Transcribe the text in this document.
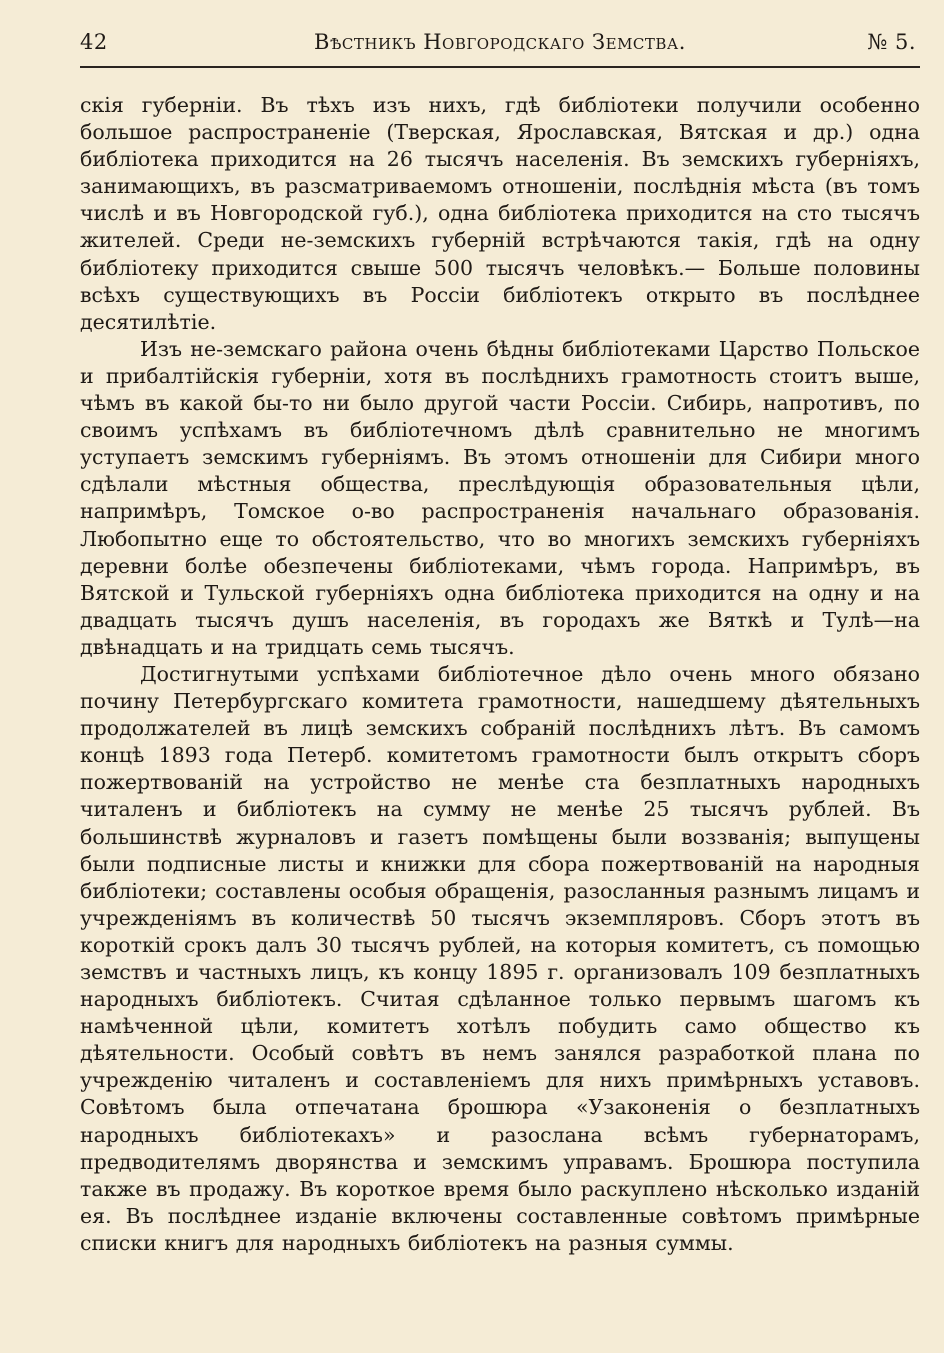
42	Вѣстникъ Новгородскаго Земства.	№ 5.

скія губерніи. Въ тѣхъ изъ нихъ, гдѣ библіотеки получили особенно большое распространеніе (Тверская, Ярославская, Вятская и др.) одна библіотека приходится на 26 тысячъ населенія. Въ земскихъ губерніяхъ, занимающихъ, въ разсматриваемомъ отношеніи, послѣднія мѣста (въ томъ числѣ и въ Новгородской губ.), одна библіотека приходится на сто тысячъ жителей. Среди не-земскихъ губерній встрѣчаются такія, гдѣ на одну библіотеку приходится свыше 500 тысячъ человѣкъ.— Больше половины всѣхъ существующихъ въ Россіи библіотекъ открыто въ послѣднее десятилѣтіе.

Изъ не-земскаго района очень бѣдны библіотеками Царство Польское и прибалтійскія губерніи, хотя въ послѣднихъ грамотность стоитъ выше, чѣмъ въ какой бы-то ни было другой части Россіи. Сибирь, напротивъ, по своимъ успѣхамъ въ библіотечномъ дѣлѣ сравнительно не многимъ уступаетъ земскимъ губерніямъ. Въ этомъ отношеніи для Сибири много сдѣлали мѣстныя общества, преслѣдующія образовательныя цѣли, напримѣръ, Томское о-во распространенія начальнаго образованія. Любопытно еще то обстоятельство, что во многихъ земскихъ губерніяхъ деревни болѣе обезпечены библіотеками, чѣмъ города. Напримѣръ, въ Вятской и Тульской губерніяхъ одна библіотека приходится на одну и на двадцать тысячъ душъ населенія, въ городахъ же Вяткѣ и Тулѣ—на двѣнадцать и на тридцать семь тысячъ.

Достигнутыми успѣхами библіотечное дѣло очень много обязано почину Петербургскаго комитета грамотности, нашедшему дѣятельныхъ продолжателей въ лицѣ земскихъ собраній послѣднихъ лѣтъ. Въ самомъ концѣ 1893 года Петерб. комитетомъ грамотности былъ открытъ сборъ пожертвованій на устройство не менѣе ста безплатныхъ народныхъ читаленъ и библіотекъ на сумму не менѣе 25 тысячъ рублей. Въ большинствѣ журналовъ и газетъ помѣщены были воззванія; выпущены были подписные листы и книжки для сбора пожертвованій на народныя библіотеки; составлены особыя обращенія, разосланныя разнымъ лицамъ и учрежденіямъ въ количествѣ 50 тысячъ экземпляровъ. Сборъ этотъ въ короткій срокъ далъ 30 тысячъ рублей, на которыя комитетъ, съ помощью земствъ и частныхъ лицъ, къ концу 1895 г. организовалъ 109 безплатныхъ народныхъ библіотекъ. Считая сдѣланное только первымъ шагомъ къ намѣченной цѣли, комитетъ хотѣлъ побудить само общество къ дѣятельности. Особый совѣтъ въ немъ занялся разработкой плана по учрежденію читаленъ и составленіемъ для нихъ примѣрныхъ уставовъ. Совѣтомъ была отпечатана брошюра «Узаконенія о безплатныхъ народныхъ библіотекахъ» и разослана всѣмъ губернаторамъ, предводителямъ дворянства и земскимъ управамъ. Брошюра поступила также въ продажу. Въ короткое время было раскуплено нѣсколько изданій ея. Въ послѣднее изданіе включены составленные совѣтомъ примѣрные списки книгъ для народныхъ библіотекъ на разныя суммы.
